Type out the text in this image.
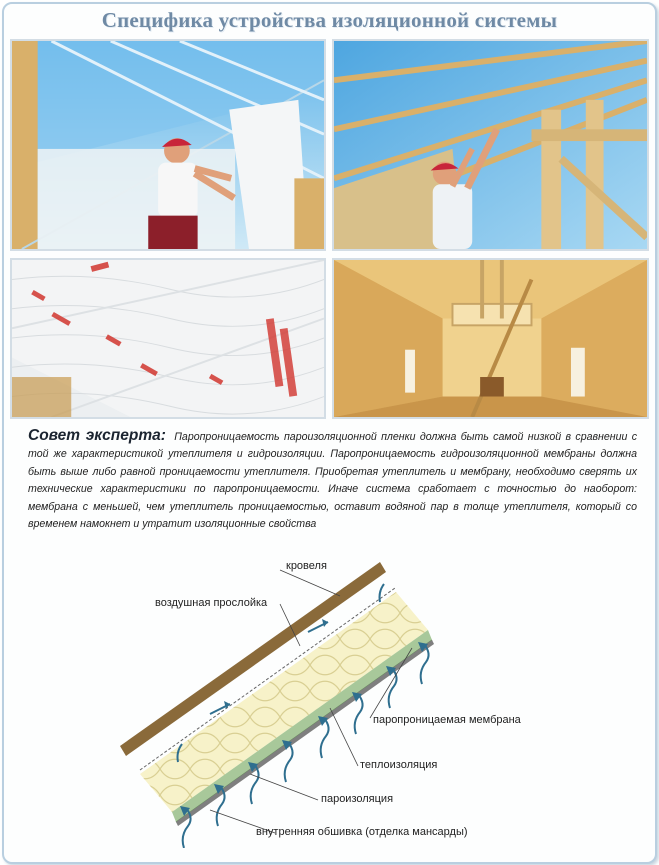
Специфика устройства изоляционной системы
Совет эксперта: Паропроницаемость пароизоляционной пленки должна быть самой низкой в сравнении с той же характеристикой утеплителя и гидроизоляции. Паропроницаемость гидроизоляционной мембраны должна быть выше либо равной проницаемости утеплителя. Приобретая утеплитель и мембрану, необходимо сверять их технические характеристики по паропроницаемости. Иначе система сработает с точностью до наоборот: мембрана с меньшей, чем утеплитель проницаемостью, оставит водяной пар в толще утеплителя, который со временем намокнет и утратит изоляционные свойства
кровеля
воздушная прослойка
паропроницаемая мембрана
теплоизоляция
пароизоляция
внутренняя обшивка (отделка мансарды)
